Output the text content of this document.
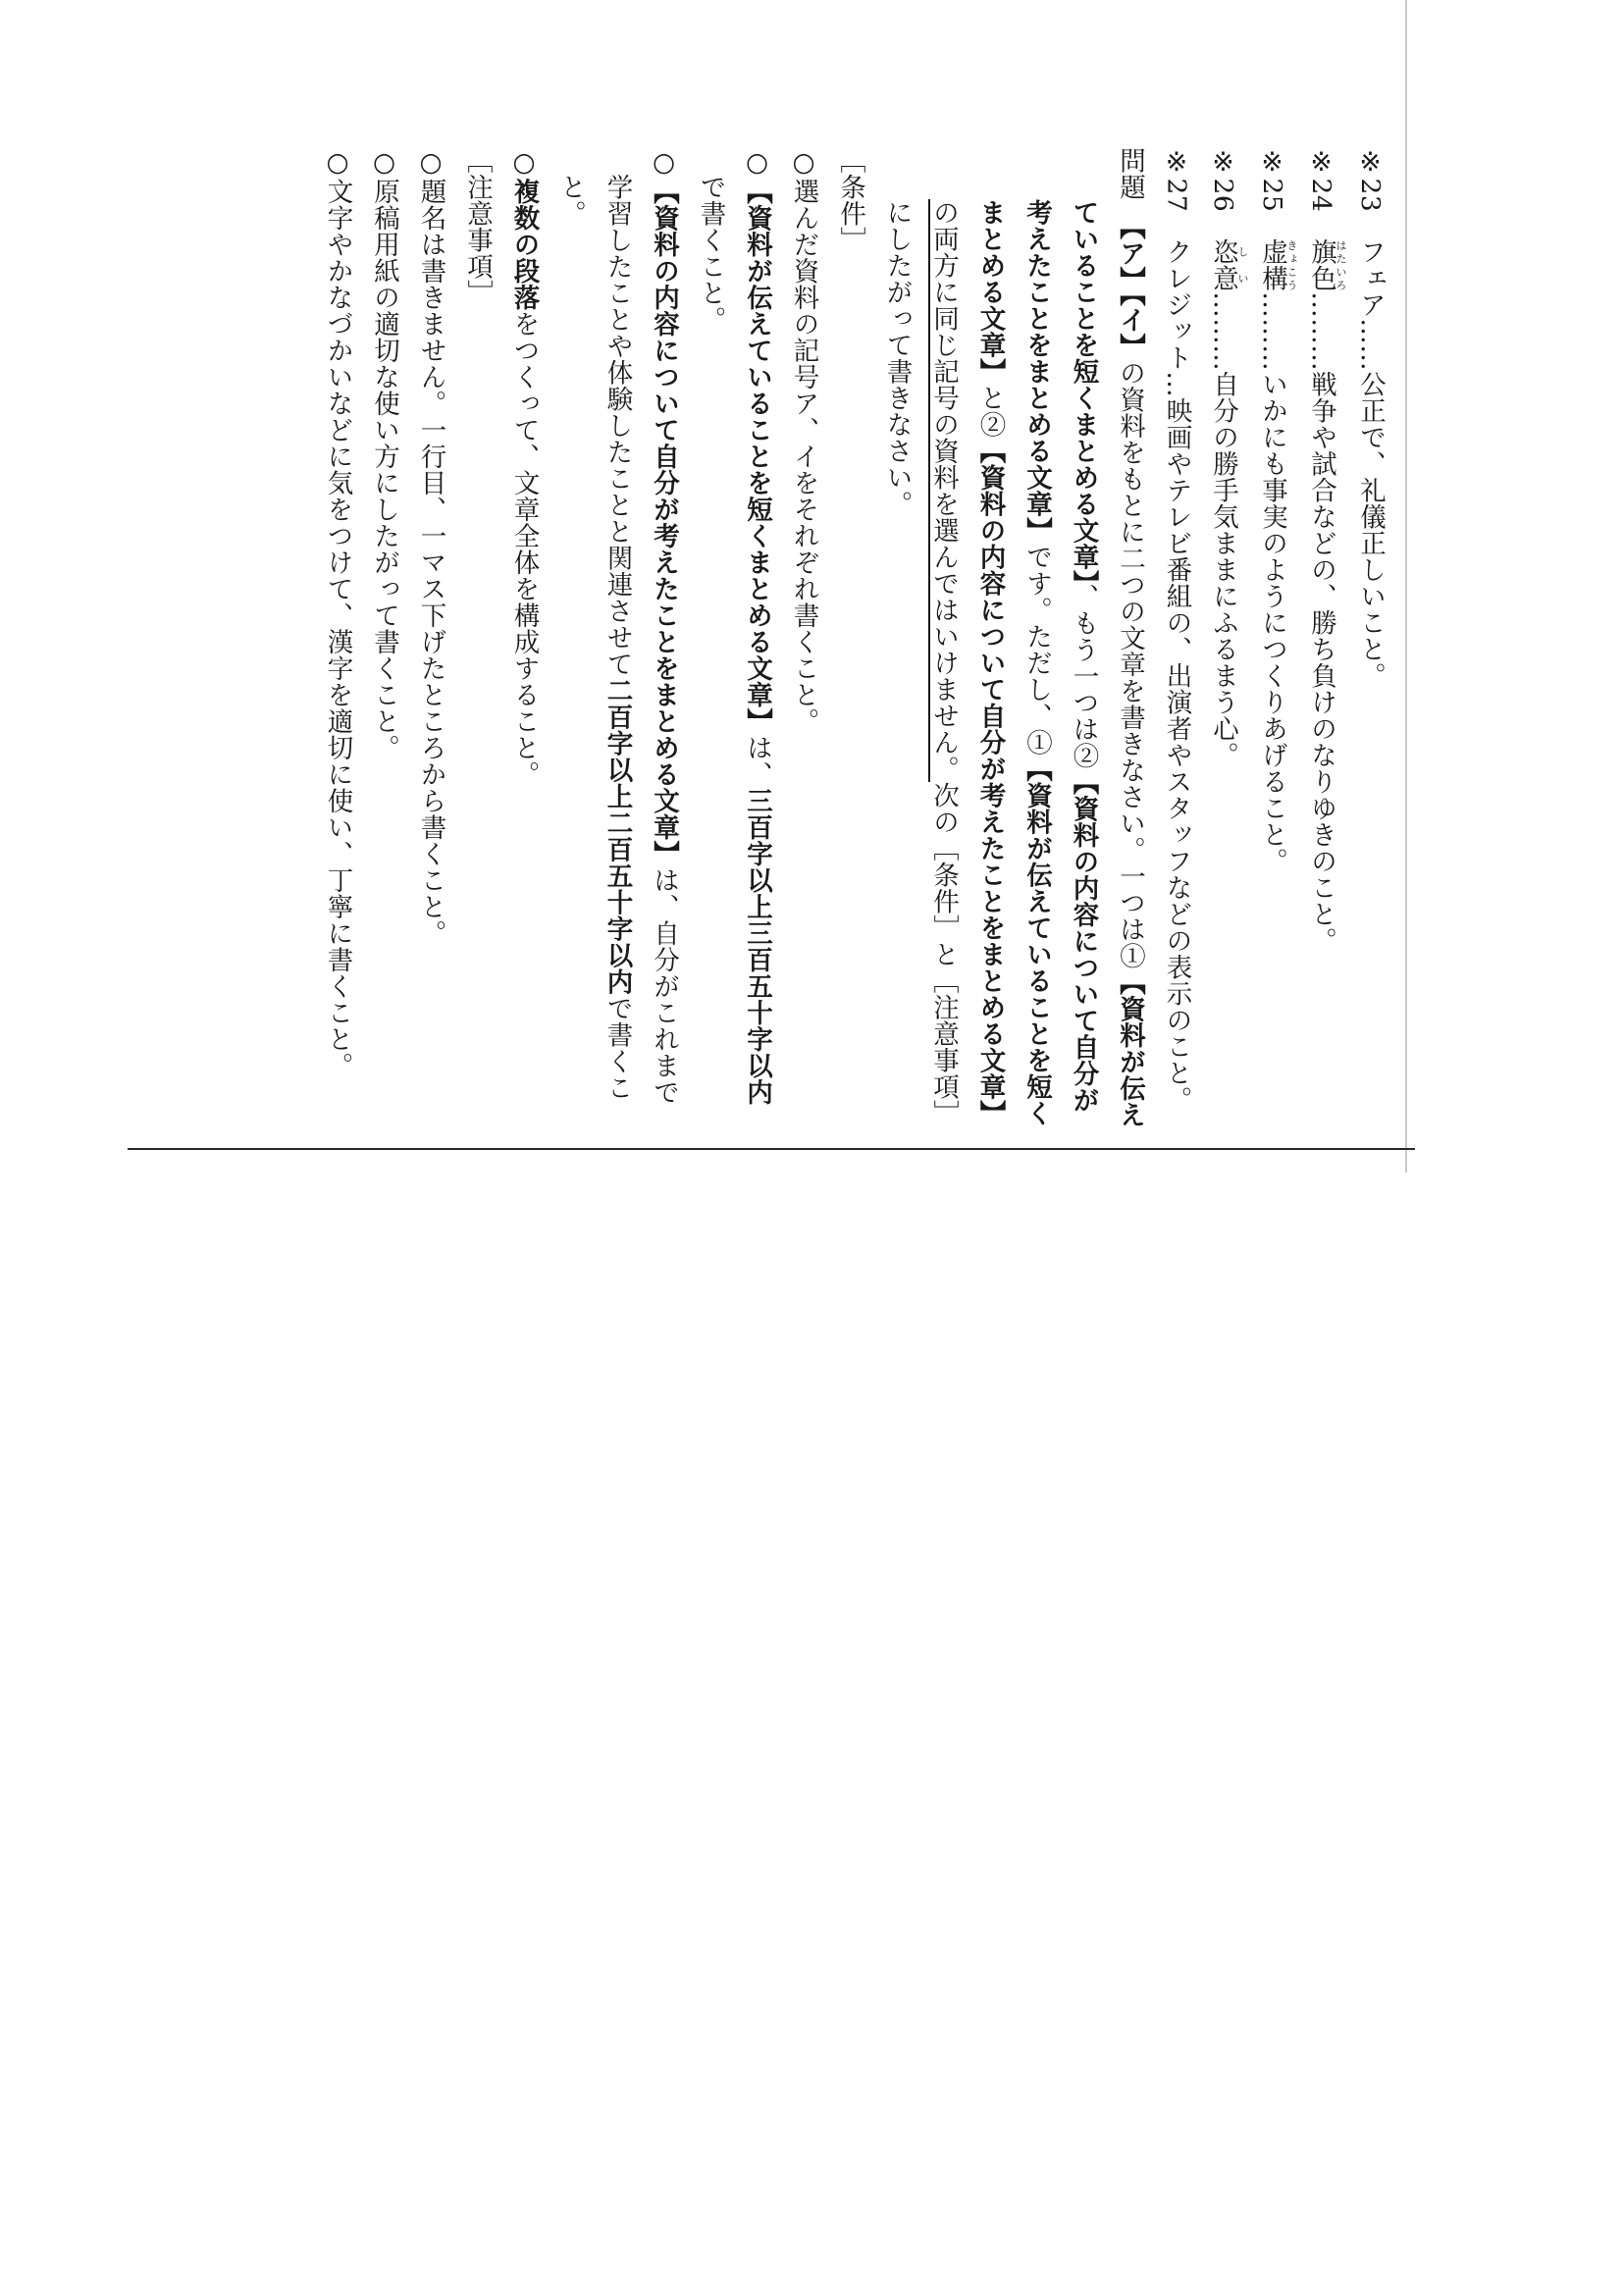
※23　フェア……公正で、礼儀正しいこと。

※24　旗色はたいろ………戦争や試合などの、勝ち負けのなりゆきのこと。

※25　虚構きょこう………いかにも事実のようにつくりあげること。

※26　恣意しい………自分の勝手気ままにふるまう心。

※27　クレジット…映画やテレビ番組の、出演者やスタッフなどの表示のこと。

問題　【ア】【イ】の資料をもとに二つの文章を書きなさい。一つは①【資料が伝えていることを短くまとめる文章】、もう一つは②【資料の内容について自分が考えたことをまとめる文章】です。ただし、①【資料が伝えていることを短くまとめる文章】と②【資料の内容について自分が考えたことをまとめる文章】の両方に同じ記号の資料を選んではいけません。次の［条件］と［注意事項］にしたがって書きなさい。

［条件］

○選んだ資料の記号ア、イをそれぞれ書くこと。

○【資料が伝えていることを短くまとめる文章】は、三百字以上三百五十字以内で書くこと。

○【資料の内容について自分が考えたことをまとめる文章】は、自分がこれまで学習したことや体験したことと関連させて二百字以上二百五十字以内で書くこと。

○複数の段落をつくって、文章全体を構成すること。

［注意事項］

○題名は書きません。一行目、一マス下げたところから書くこと。

○原稿用紙の適切な使い方にしたがって書くこと。

○文字やかなづかいなどに気をつけて、漢字を適切に使い、丁寧に書くこと。
